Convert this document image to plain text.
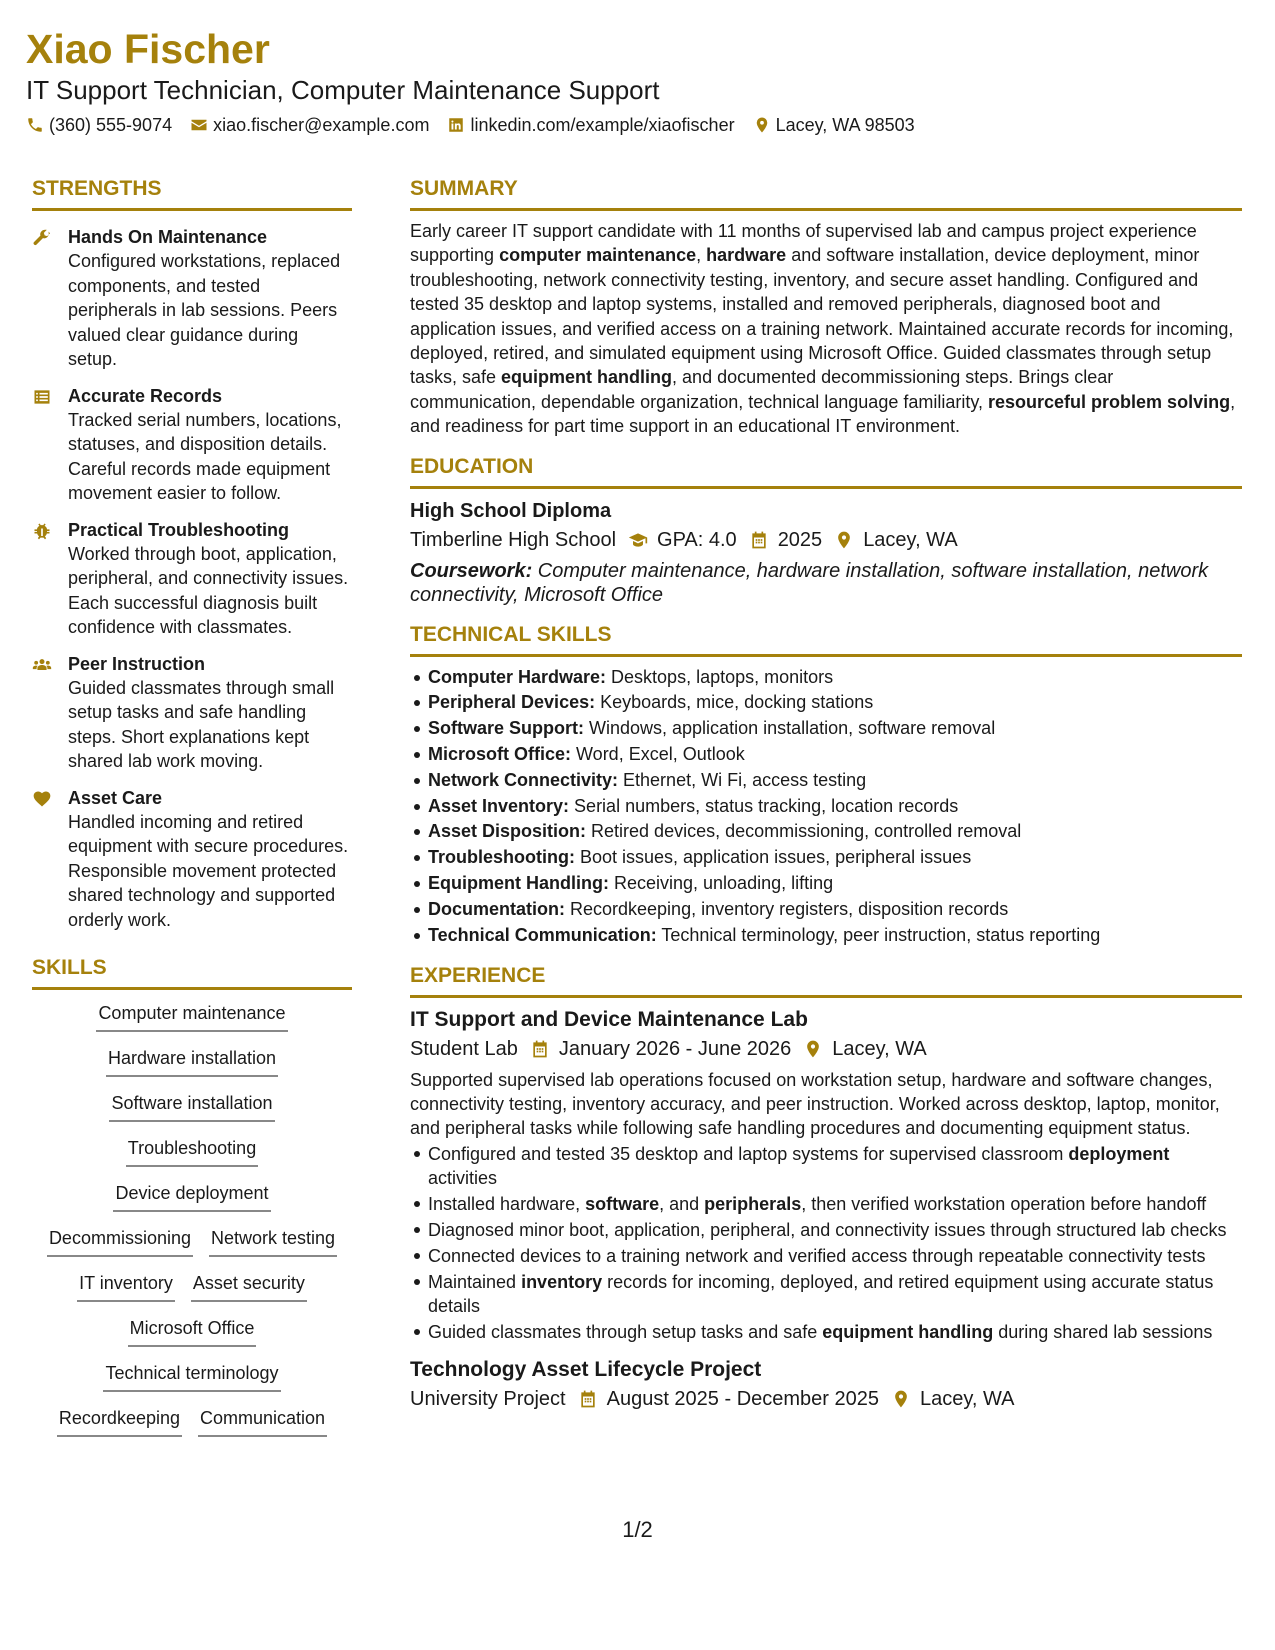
Xiao Fischer
IT Support Technician, Computer Maintenance Support
(360) 555-9074 xiao.fischer@example.com linkedin.com/example/xiaofischer Lacey, WA 98503
STRENGTHS
Hands On Maintenance
Configured workstations, replaced components, and tested peripherals in lab sessions. Peers valued clear guidance during setup.
Accurate Records
Tracked serial numbers, locations, statuses, and disposition details. Careful records made equipment movement easier to follow.
Practical Troubleshooting
Worked through boot, application, peripheral, and connectivity issues. Each successful diagnosis built confidence with classmates.
Peer Instruction
Guided classmates through small setup tasks and safe handling steps. Short explanations kept shared lab work moving.
Asset Care
Handled incoming and retired equipment with secure procedures. Responsible movement protected shared technology and supported orderly work.
SKILLS
Computer maintenance
Hardware installation
Software installation
Troubleshooting
Device deployment
Decommissioning Network testing
IT inventory Asset security
Microsoft Office
Technical terminology
Recordkeeping Communication
SUMMARY
Early career IT support candidate with 11 months of supervised lab and campus project experience supporting computer maintenance, hardware and software installation, device deployment, minor troubleshooting, network connectivity testing, inventory, and secure asset handling. Configured and tested 35 desktop and laptop systems, installed and removed peripherals, diagnosed boot and application issues, and verified access on a training network. Maintained accurate records for incoming, deployed, retired, and simulated equipment using Microsoft Office. Guided classmates through setup tasks, safe equipment handling, and documented decommissioning steps. Brings clear communication, dependable organization, technical language familiarity, resourceful problem solving, and readiness for part time support in an educational IT environment.
EDUCATION
High School Diploma
Timberline High School GPA: 4.0 2025 Lacey, WA
Coursework: Computer maintenance, hardware installation, software installation, network connectivity, Microsoft Office
TECHNICAL SKILLS
Computer Hardware: Desktops, laptops, monitors
Peripheral Devices: Keyboards, mice, docking stations
Software Support: Windows, application installation, software removal
Microsoft Office: Word, Excel, Outlook
Network Connectivity: Ethernet, Wi Fi, access testing
Asset Inventory: Serial numbers, status tracking, location records
Asset Disposition: Retired devices, decommissioning, controlled removal
Troubleshooting: Boot issues, application issues, peripheral issues
Equipment Handling: Receiving, unloading, lifting
Documentation: Recordkeeping, inventory registers, disposition records
Technical Communication: Technical terminology, peer instruction, status reporting
EXPERIENCE
IT Support and Device Maintenance Lab
Student Lab January 2026 - June 2026 Lacey, WA
Supported supervised lab operations focused on workstation setup, hardware and software changes, connectivity testing, inventory accuracy, and peer instruction. Worked across desktop, laptop, monitor, and peripheral tasks while following safe handling procedures and documenting equipment status.
Configured and tested 35 desktop and laptop systems for supervised classroom deployment activities
Installed hardware, software, and peripherals, then verified workstation operation before handoff
Diagnosed minor boot, application, peripheral, and connectivity issues through structured lab checks
Connected devices to a training network and verified access through repeatable connectivity tests
Maintained inventory records for incoming, deployed, and retired equipment using accurate status details
Guided classmates through setup tasks and safe equipment handling during shared lab sessions
Technology Asset Lifecycle Project
University Project August 2025 - December 2025 Lacey, WA
1/2
